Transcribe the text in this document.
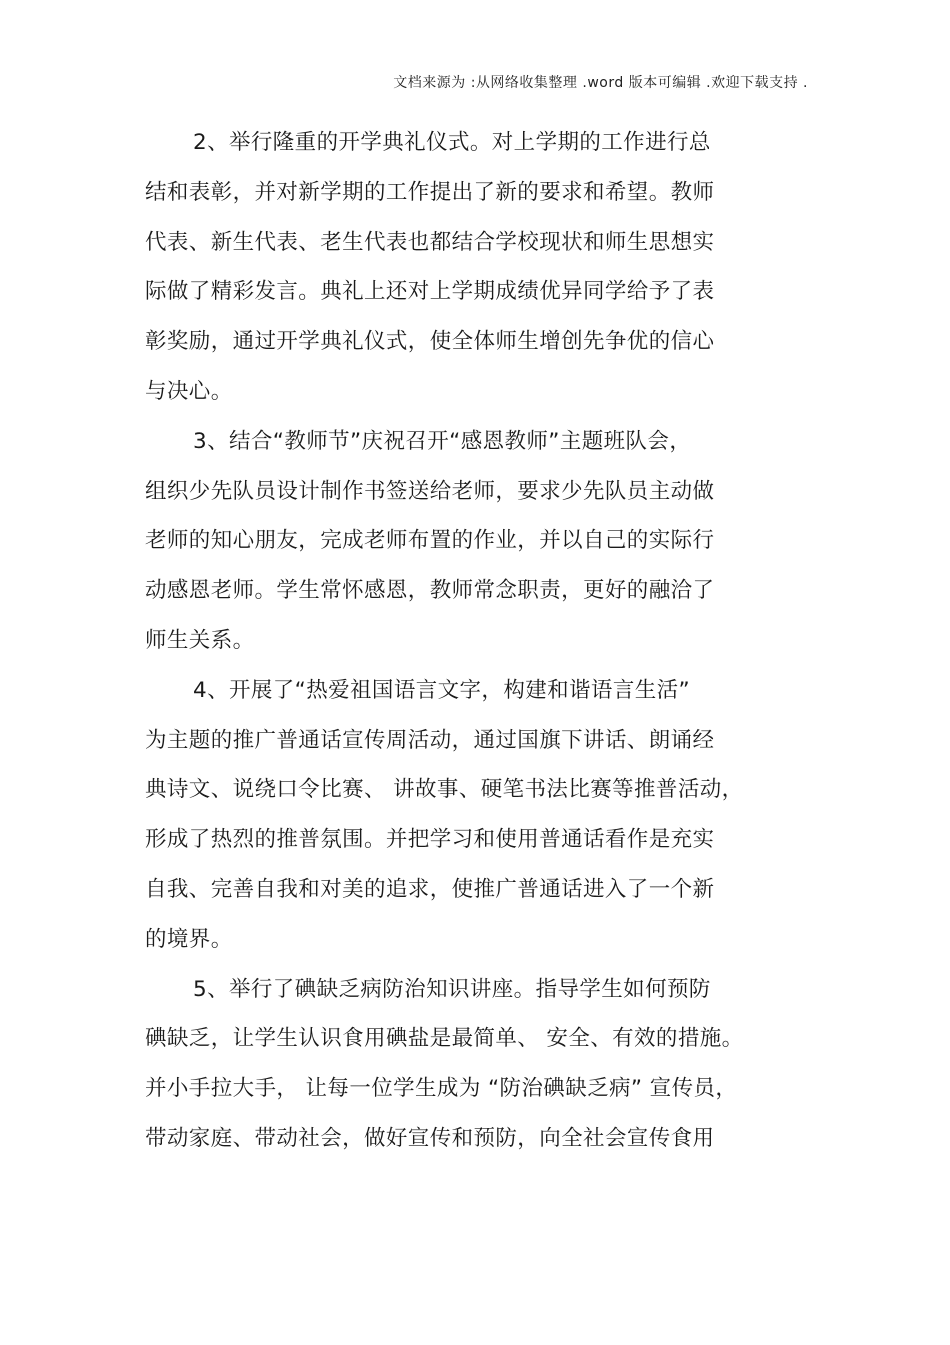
文档来源为 :从网络收集整理 .word 版本可编辑 .欢迎下载支持 .
2、举行隆重的开学典礼仪式。对上学期的工作进行总
结和表彰，并对新学期的工作提出了新的要求和希望。教师
代表、新生代表、老生代表也都结合学校现状和师生思想实
际做了精彩发言。典礼上还对上学期成绩优异同学给予了表
彰奖励，通过开学典礼仪式，使全体师生增创先争优的信心
与决心。
3、结合“教师节”庆祝召开“感恩教师”主题班队会，
组织少先队员设计制作书签送给老师，要求少先队员主动做
老师的知心朋友，完成老师布置的作业，并以自己的实际行
动感恩老师。学生常怀感恩，教师常念职责，更好的融洽了
师生关系。
4、开展了“热爱祖国语言文字，构建和谐语言生活”
为主题的推广普通话宣传周活动，通过国旗下讲话、朗诵经
典诗文、说绕口令比赛、 讲故事、硬笔书法比赛等推普活动，
形成了热烈的推普氛围。并把学习和使用普通话看作是充实
自我、完善自我和对美的追求，使推广普通话进入了一个新
的境界。
5、举行了碘缺乏病防治知识讲座。指导学生如何预防
碘缺乏，让学生认识食用碘盐是最简单、 安全、有效的措施。
并小手拉大手， 让每一位学生成为 “防治碘缺乏病” 宣传员，
带动家庭、带动社会，做好宣传和预防，向全社会宣传食用
